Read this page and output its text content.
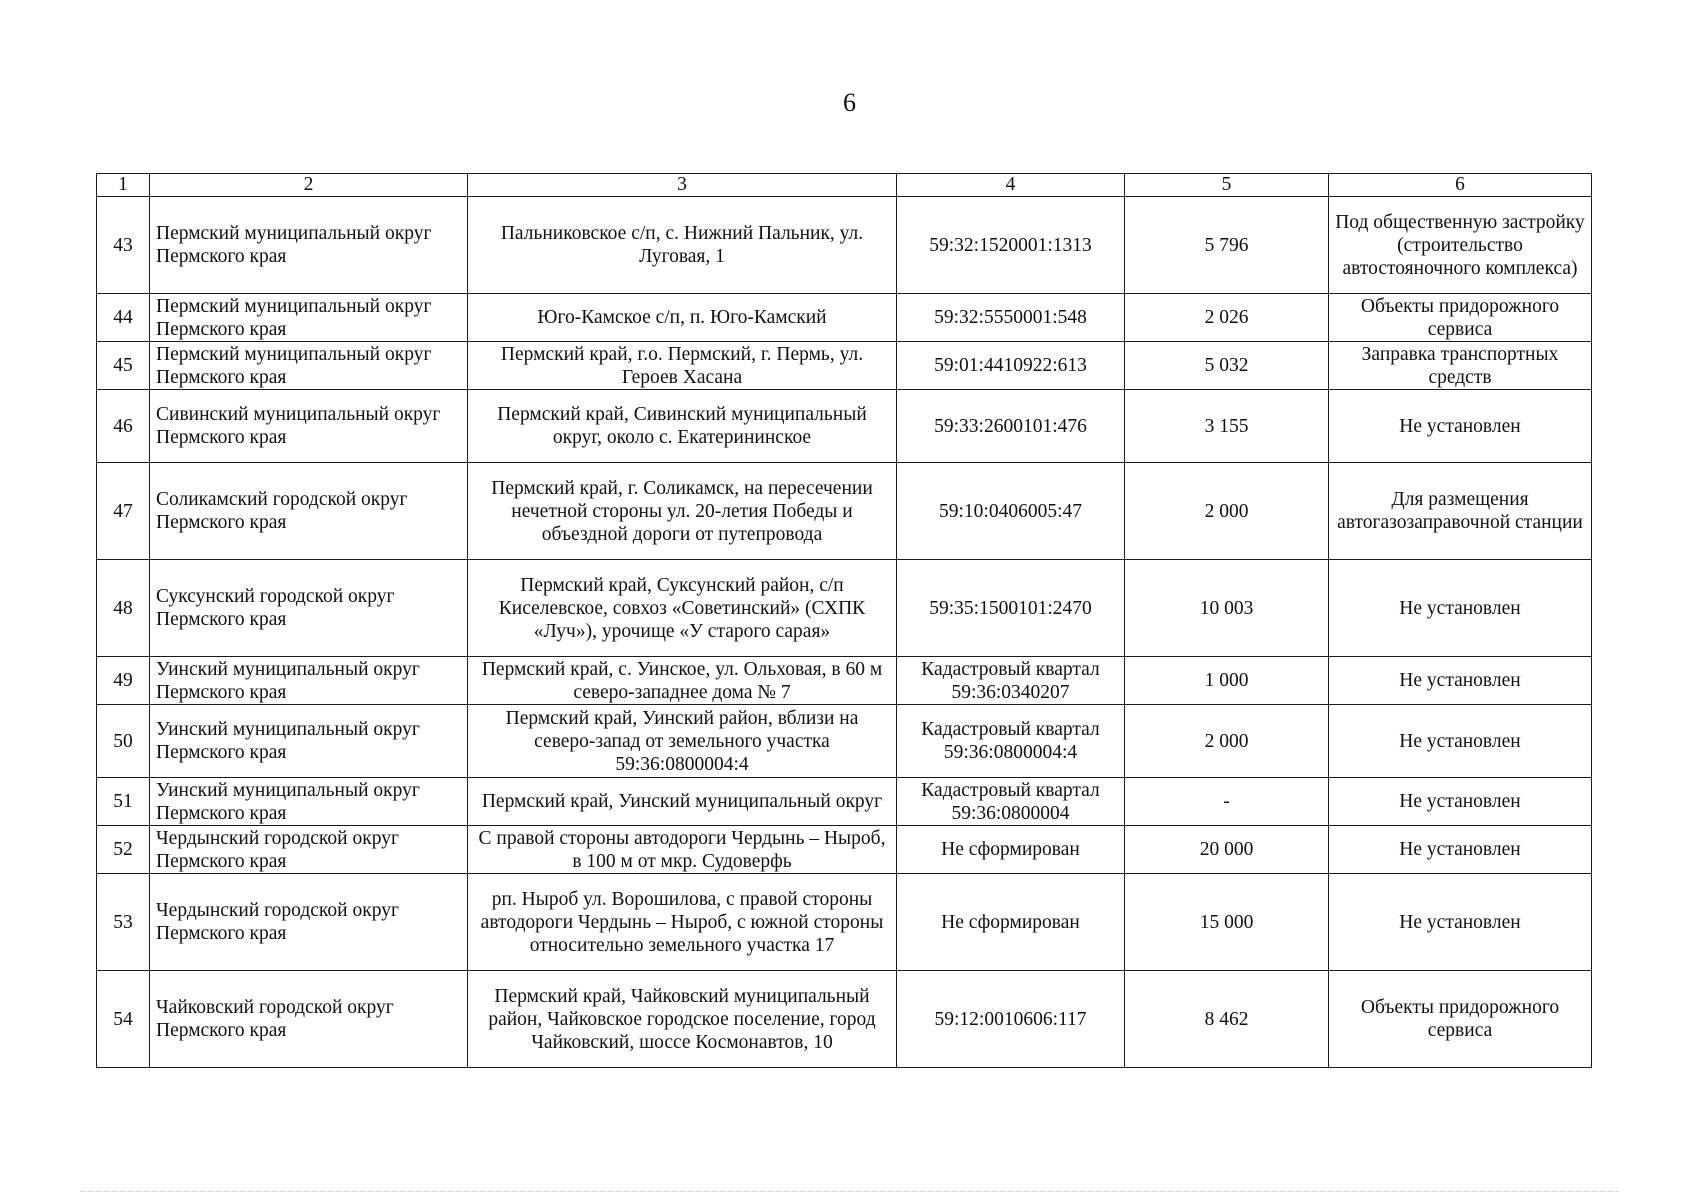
6
1	2	3	4	5	6
43	Пермский муниципальный округ Пермского края	Пальниковское с/п, с. Нижний Пальник, ул. Луговая, 1	59:32:1520001:1313	5 796	Под общественную застройку (строительство автостояночного комплекса)
44	Пермский муниципальный округ Пермского края	Юго-Камское с/п, п. Юго-Камский	59:32:5550001:548	2 026	Объекты придорожного сервиса
45	Пермский муниципальный округ Пермского края	Пермский край, г.о. Пермский, г. Пермь, ул. Героев Хасана	59:01:4410922:613	5 032	Заправка транспортных средств
46	Сивинский муниципальный округ Пермского края	Пермский край, Сивинский муниципальный округ, около с. Екатерининское	59:33:2600101:476	3 155	Не установлен
47	Соликамский городской округ Пермского края	Пермский край, г. Соликамск, на пересечении нечетной стороны ул. 20-летия Победы и объездной дороги от путепровода	59:10:0406005:47	2 000	Для размещения автогазозаправочной станции
48	Суксунский городской округ Пермского края	Пермский край, Суксунский район, с/п Киселевское, совхоз «Советинский» (СХПК «Луч»), урочище «У старого сарая»	59:35:1500101:2470	10 003	Не установлен
49	Уинский муниципальный округ Пермского края	Пермский край, с. Уинское, ул. Ольховая, в 60 м северо-западнее дома № 7	Кадастровый квартал 59:36:0340207	1 000	Не установлен
50	Уинский муниципальный округ Пермского края	Пермский край, Уинский район, вблизи на северо-запад от земельного участка 59:36:0800004:4	Кадастровый квартал 59:36:0800004:4	2 000	Не установлен
51	Уинский муниципальный округ Пермского края	Пермский край, Уинский муниципальный округ	Кадастровый квартал 59:36:0800004	-	Не установлен
52	Чердынский городской округ Пермского края	С правой стороны автодороги Чердынь – Ныроб, в 100 м от мкр. Судоверфь	Не сформирован	20 000	Не установлен
53	Чердынский городской округ Пермского края	рп. Ныроб ул. Ворошилова, с правой стороны автодороги Чердынь – Ныроб, с южной стороны относительно земельного участка 17	Не сформирован	15 000	Не установлен
54	Чайковский городской округ Пермского края	Пермский край, Чайковский муниципальный район, Чайковское городское поселение, город Чайковский, шоссе Космонавтов, 10	59:12:0010606:117	8 462	Объекты придорожного сервиса
